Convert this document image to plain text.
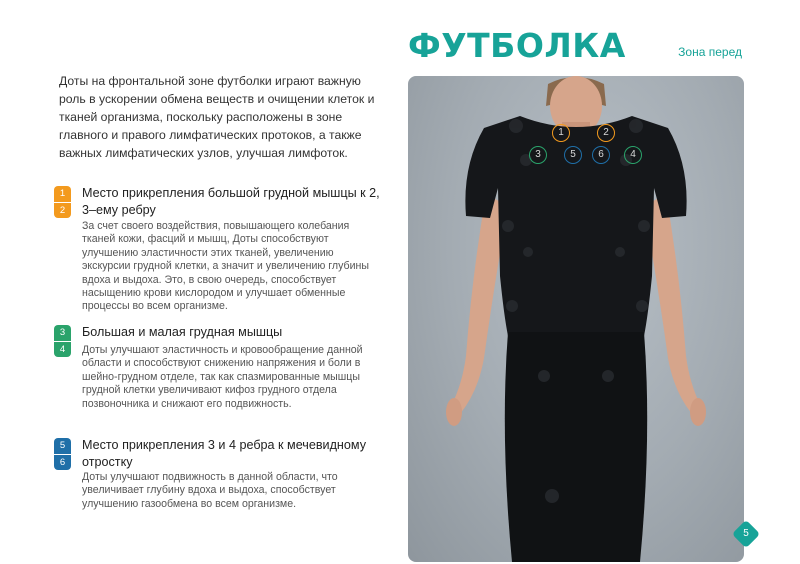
ФУТБОЛКА	Зона перед

Доты на фронтальной зоне футболки играют важную роль в ускорении обмена веществ и очищении клеток и тканей организма, поскольку расположены в зоне главного и правого лимфатических протоков, а также важных лимфатических узлов, улучшая лимфоток.

1
2
Место прикрепления большой грудной мышцы к 2, 3–ему ребру
За счет своего воздействия, повышающего колебания тканей кожи, фасций и мышц, Доты способствуют улучшению эластичности этих тканей, увеличению экскурсии грудной клетки, а значит и увеличению глубины вдоха и выдоха. Это, в свою очередь, способствует насыщению крови кислородом и улучшает обменные процессы во всем организме.
3
4
Большая и малая грудная мышцы
Доты улучшают эластичность и кровообращение данной области и способствуют снижению напряжения и боли в шейно-грудном отделе, так как спазмированные мышцы грудной клетки увеличивают кифоз грудного отдела позвоночника и снижают его подвижность.
5
6
Место прикрепления 3 и 4 ребра к мечевидному отростку
Доты улучшают подвижность в данной области, что увеличивает глубину вдоха и выдоха, способствует улучшению газообмена во всем организме.
1	2
3	5	6	4
5
